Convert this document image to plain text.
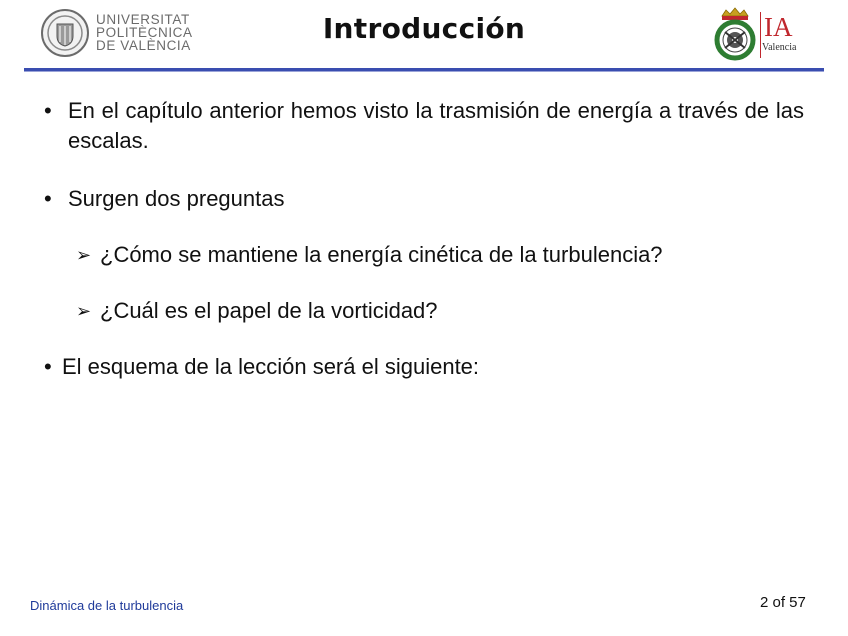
UNIVERSITAT
POLITÈCNICA
DE VALÈNCIA
Introducción	IA
Valencia
• En el capítulo anterior hemos visto la trasmisión de energía a través de las escalas.
• Surgen dos preguntas
➢ ¿Cómo se mantiene la energía cinética de la turbulencia?
➢ ¿Cuál es el papel de la vorticidad?
• El esquema de la lección será el siguiente:
Dinámica de la turbulencia	2 of 57
